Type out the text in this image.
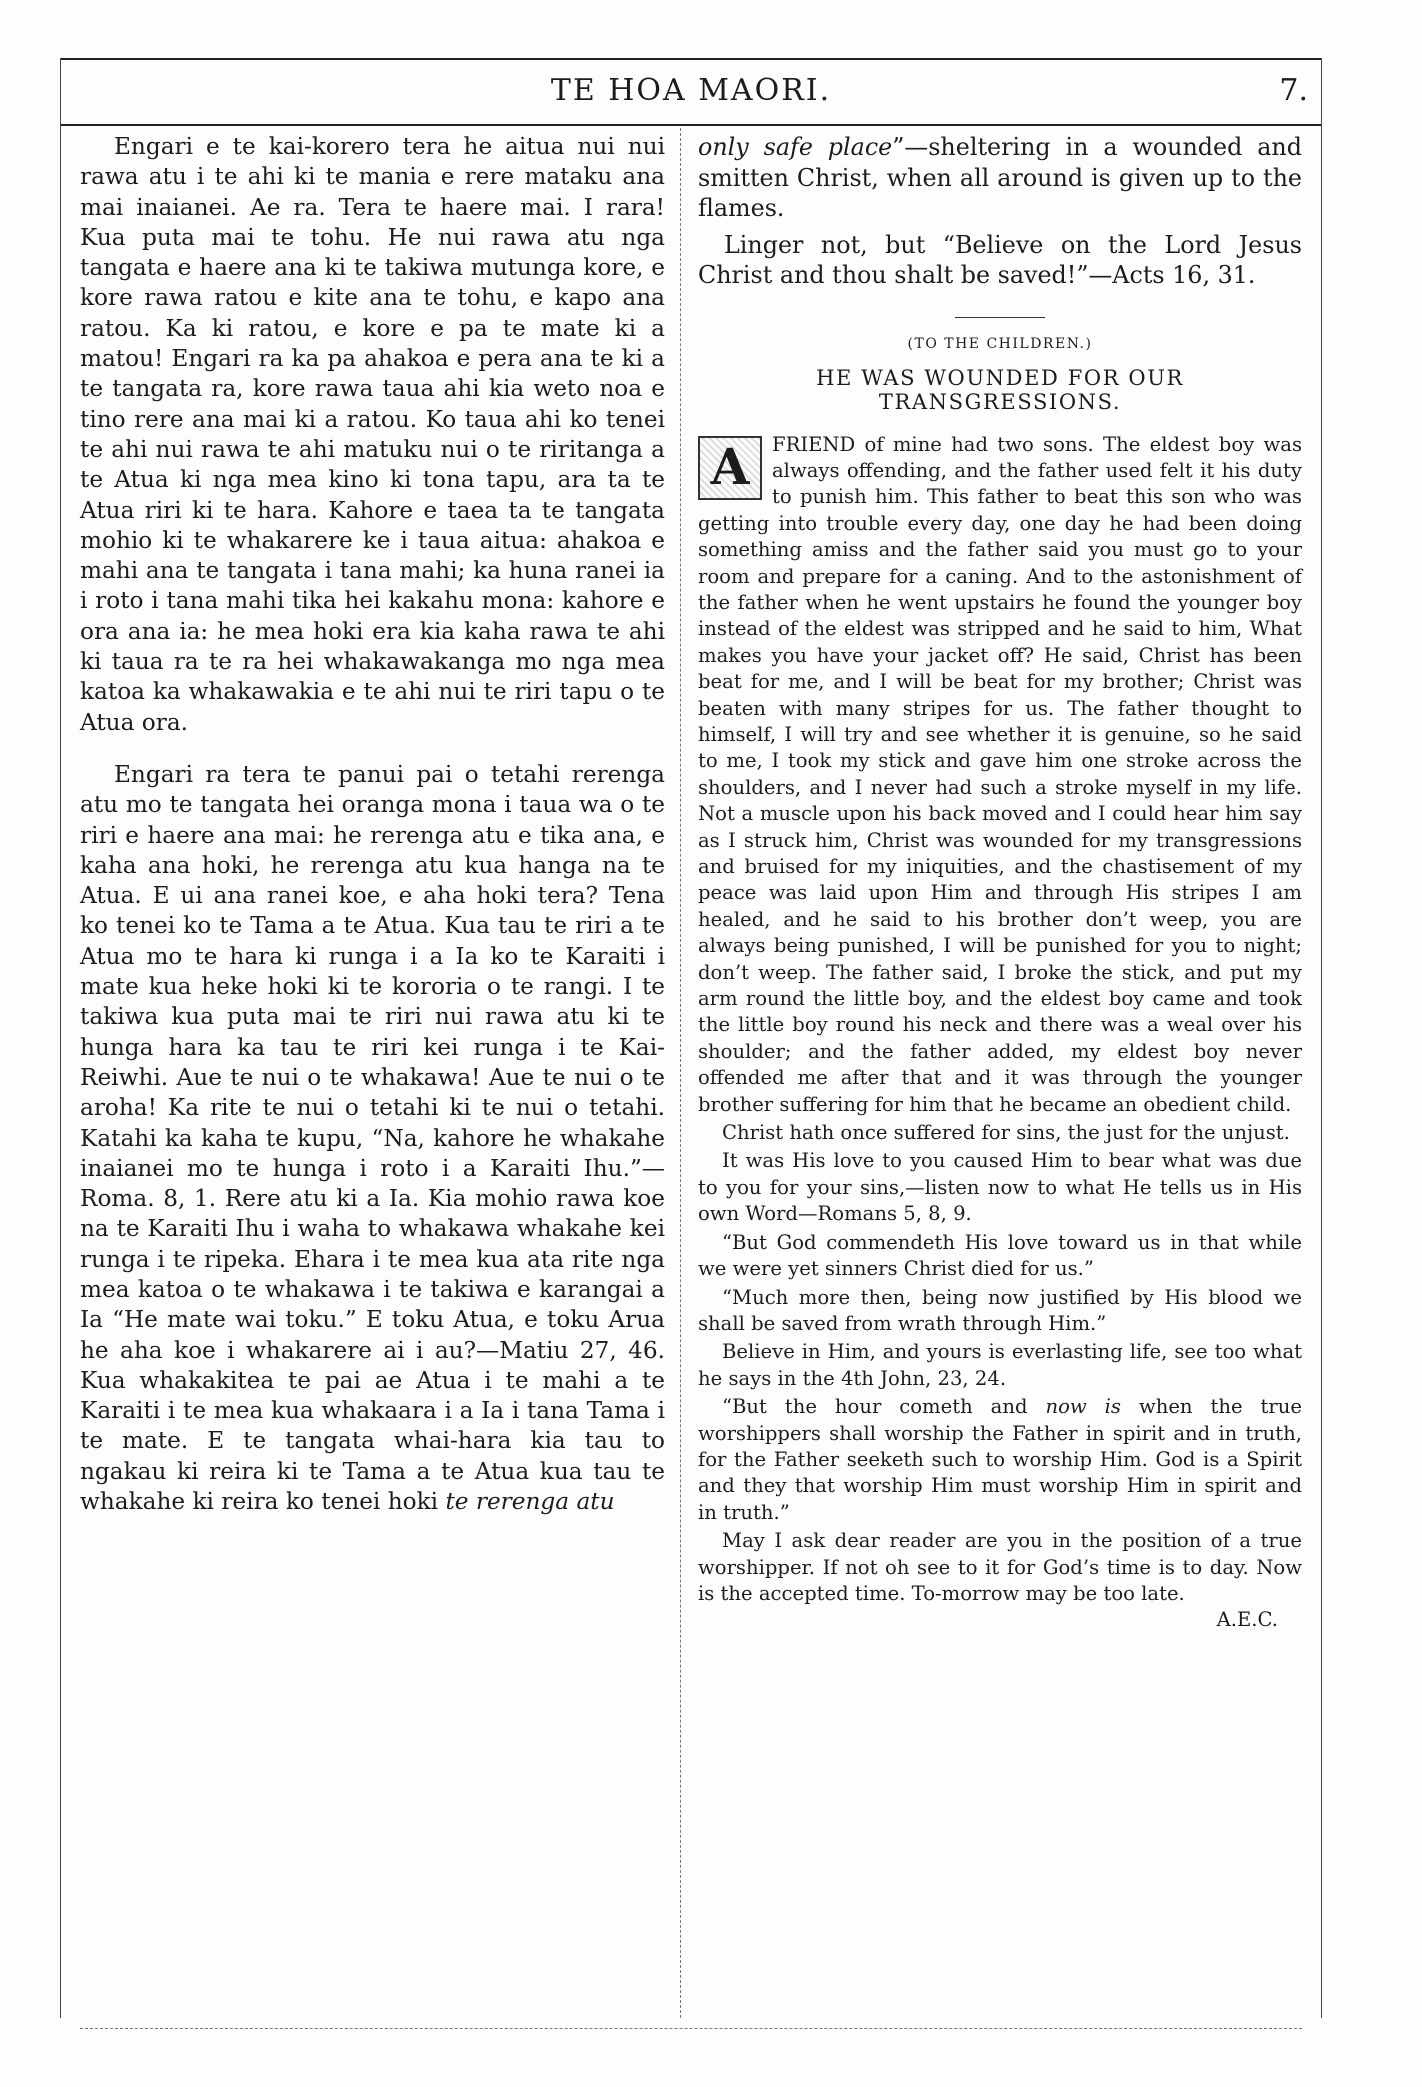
TE HOA MAORI.	7.

Engari e te kai-korero tera he aitua nui nui rawa atu i te ahi ki te mania e rere mataku ana mai inaianei. Ae ra. Tera te haere mai. I rara! Kua puta mai te tohu. He nui rawa atu nga tangata e haere ana ki te takiwa mutunga kore, e kore rawa ratou e kite ana te tohu, e kapo ana ratou. Ka ki ratou, e kore e pa te mate ki a matou! Engari ra ka pa ahakoa e pera ana te ki a te tangata ra, kore rawa taua ahi kia weto noa e tino rere ana mai ki a ratou. Ko taua ahi ko tenei te ahi nui rawa te ahi matuku nui o te riritanga a te Atua ki nga mea kino ki tona tapu, ara ta te Atua riri ki te hara. Kahore e taea ta te tangata mohio ki te whakarere ke i taua aitua: ahakoa e mahi ana te tangata i tana mahi; ka huna ranei ia i roto i tana mahi tika hei kakahu mona: kahore e ora ana ia: he mea hoki era kia kaha rawa te ahi ki taua ra te ra hei whakawakanga mo nga mea katoa ka whakawakia e te ahi nui te riri tapu o te Atua ora.

Engari ra tera te panui pai o tetahi rerenga atu mo te tangata hei oranga mona i taua wa o te riri e haere ana mai: he rerenga atu e tika ana, e kaha ana hoki, he rerenga atu kua hanga na te Atua. E ui ana ranei koe, e aha hoki tera? Tena ko tenei ko te Tama a te Atua. Kua tau te riri a te Atua mo te hara ki runga i a Ia ko te Karaiti i mate kua heke hoki ki te kororia o te rangi. I te takiwa kua puta mai te riri nui rawa atu ki te hunga hara ka tau te riri kei runga i te Kai-Reiwhi. Aue te nui o te whakawa! Aue te nui o te aroha! Ka rite te nui o tetahi ki te nui o tetahi. Katahi ka kaha te kupu, “Na, kahore he whakahe inaianei mo te hunga i roto i a Karaiti Ihu.”—Roma. 8, 1. Rere atu ki a Ia. Kia mohio rawa koe na te Karaiti Ihu i waha to whakawa whakahe kei runga i te ripeka. Ehara i te mea kua ata rite nga mea katoa o te whakawa i te takiwa e karangai a Ia “He mate wai toku.” E toku Atua, e toku Arua he aha koe i whakarere ai i au?—Matiu 27, 46. Kua whakakitea te pai ae Atua i te mahi a te Karaiti i te mea kua whakaara i a Ia i tana Tama i te mate. E te tangata whai-hara kia tau to ngakau ki reira ki te Tama a te Atua kua tau te whakahe ki reira ko tenei hoki te rerenga atu

only safe place”—sheltering in a wounded and smitten Christ, when all around is given up to the flames.

Linger not, but “Believe on the Lord Jesus Christ and thou shalt be saved!”—Acts 16, 31.

(TO THE CHILDREN.)
HE WAS WOUNDED FOR OUR TRANSGRESSIONS.

A	FRIEND of mine had two sons. The eldest boy was always offending, and the father used felt it his duty to punish him. This father to beat this son who was getting into trouble every day, one day he had been doing something amiss and the father said you must go to your room and prepare for a caning. And to the astonishment of the father when he went upstairs he found the younger boy instead of the eldest was stripped and he said to him, What makes you have your jacket off? He said, Christ has been beat for me, and I will be beat for my brother; Christ was beaten with many stripes for us. The father thought to himself, I will try and see whether it is genuine, so he said to me, I took my stick and gave him one stroke across the shoulders, and I never had such a stroke myself in my life. Not a muscle upon his back moved and I could hear him say as I struck him, Christ was wounded for my transgressions and bruised for my iniquities, and the chastisement of my peace was laid upon Him and through His stripes I am healed, and he said to his brother don’t weep, you are always being punished, I will be punished for you to night; don’t weep. The father said, I broke the stick, and put my arm round the little boy, and the eldest boy came and took the little boy round his neck and there was a weal over his shoulder; and the father added, my eldest boy never offended me after that and it was through the younger brother suffering for him that he became an obedient child.

Christ hath once suffered for sins, the just for the unjust.

It was His love to you caused Him to bear what was due to you for your sins,—listen now to what He tells us in His own Word—Romans 5, 8, 9.

“But God commendeth His love toward us in that while we were yet sinners Christ died for us.”

“Much more then, being now justified by His blood we shall be saved from wrath through Him.”

Believe in Him, and yours is everlasting life, see too what he says in the 4th John, 23, 24.

“But the hour cometh and now is when the true worshippers shall worship the Father in spirit and in truth, for the Father seeketh such to worship Him. God is a Spirit and they that worship Him must worship Him in spirit and in truth.”

May I ask dear reader are you in the position of a true worshipper. If not oh see to it for God’s time is to day. Now is the accepted time. To-morrow may be too late.

A.E.C.
